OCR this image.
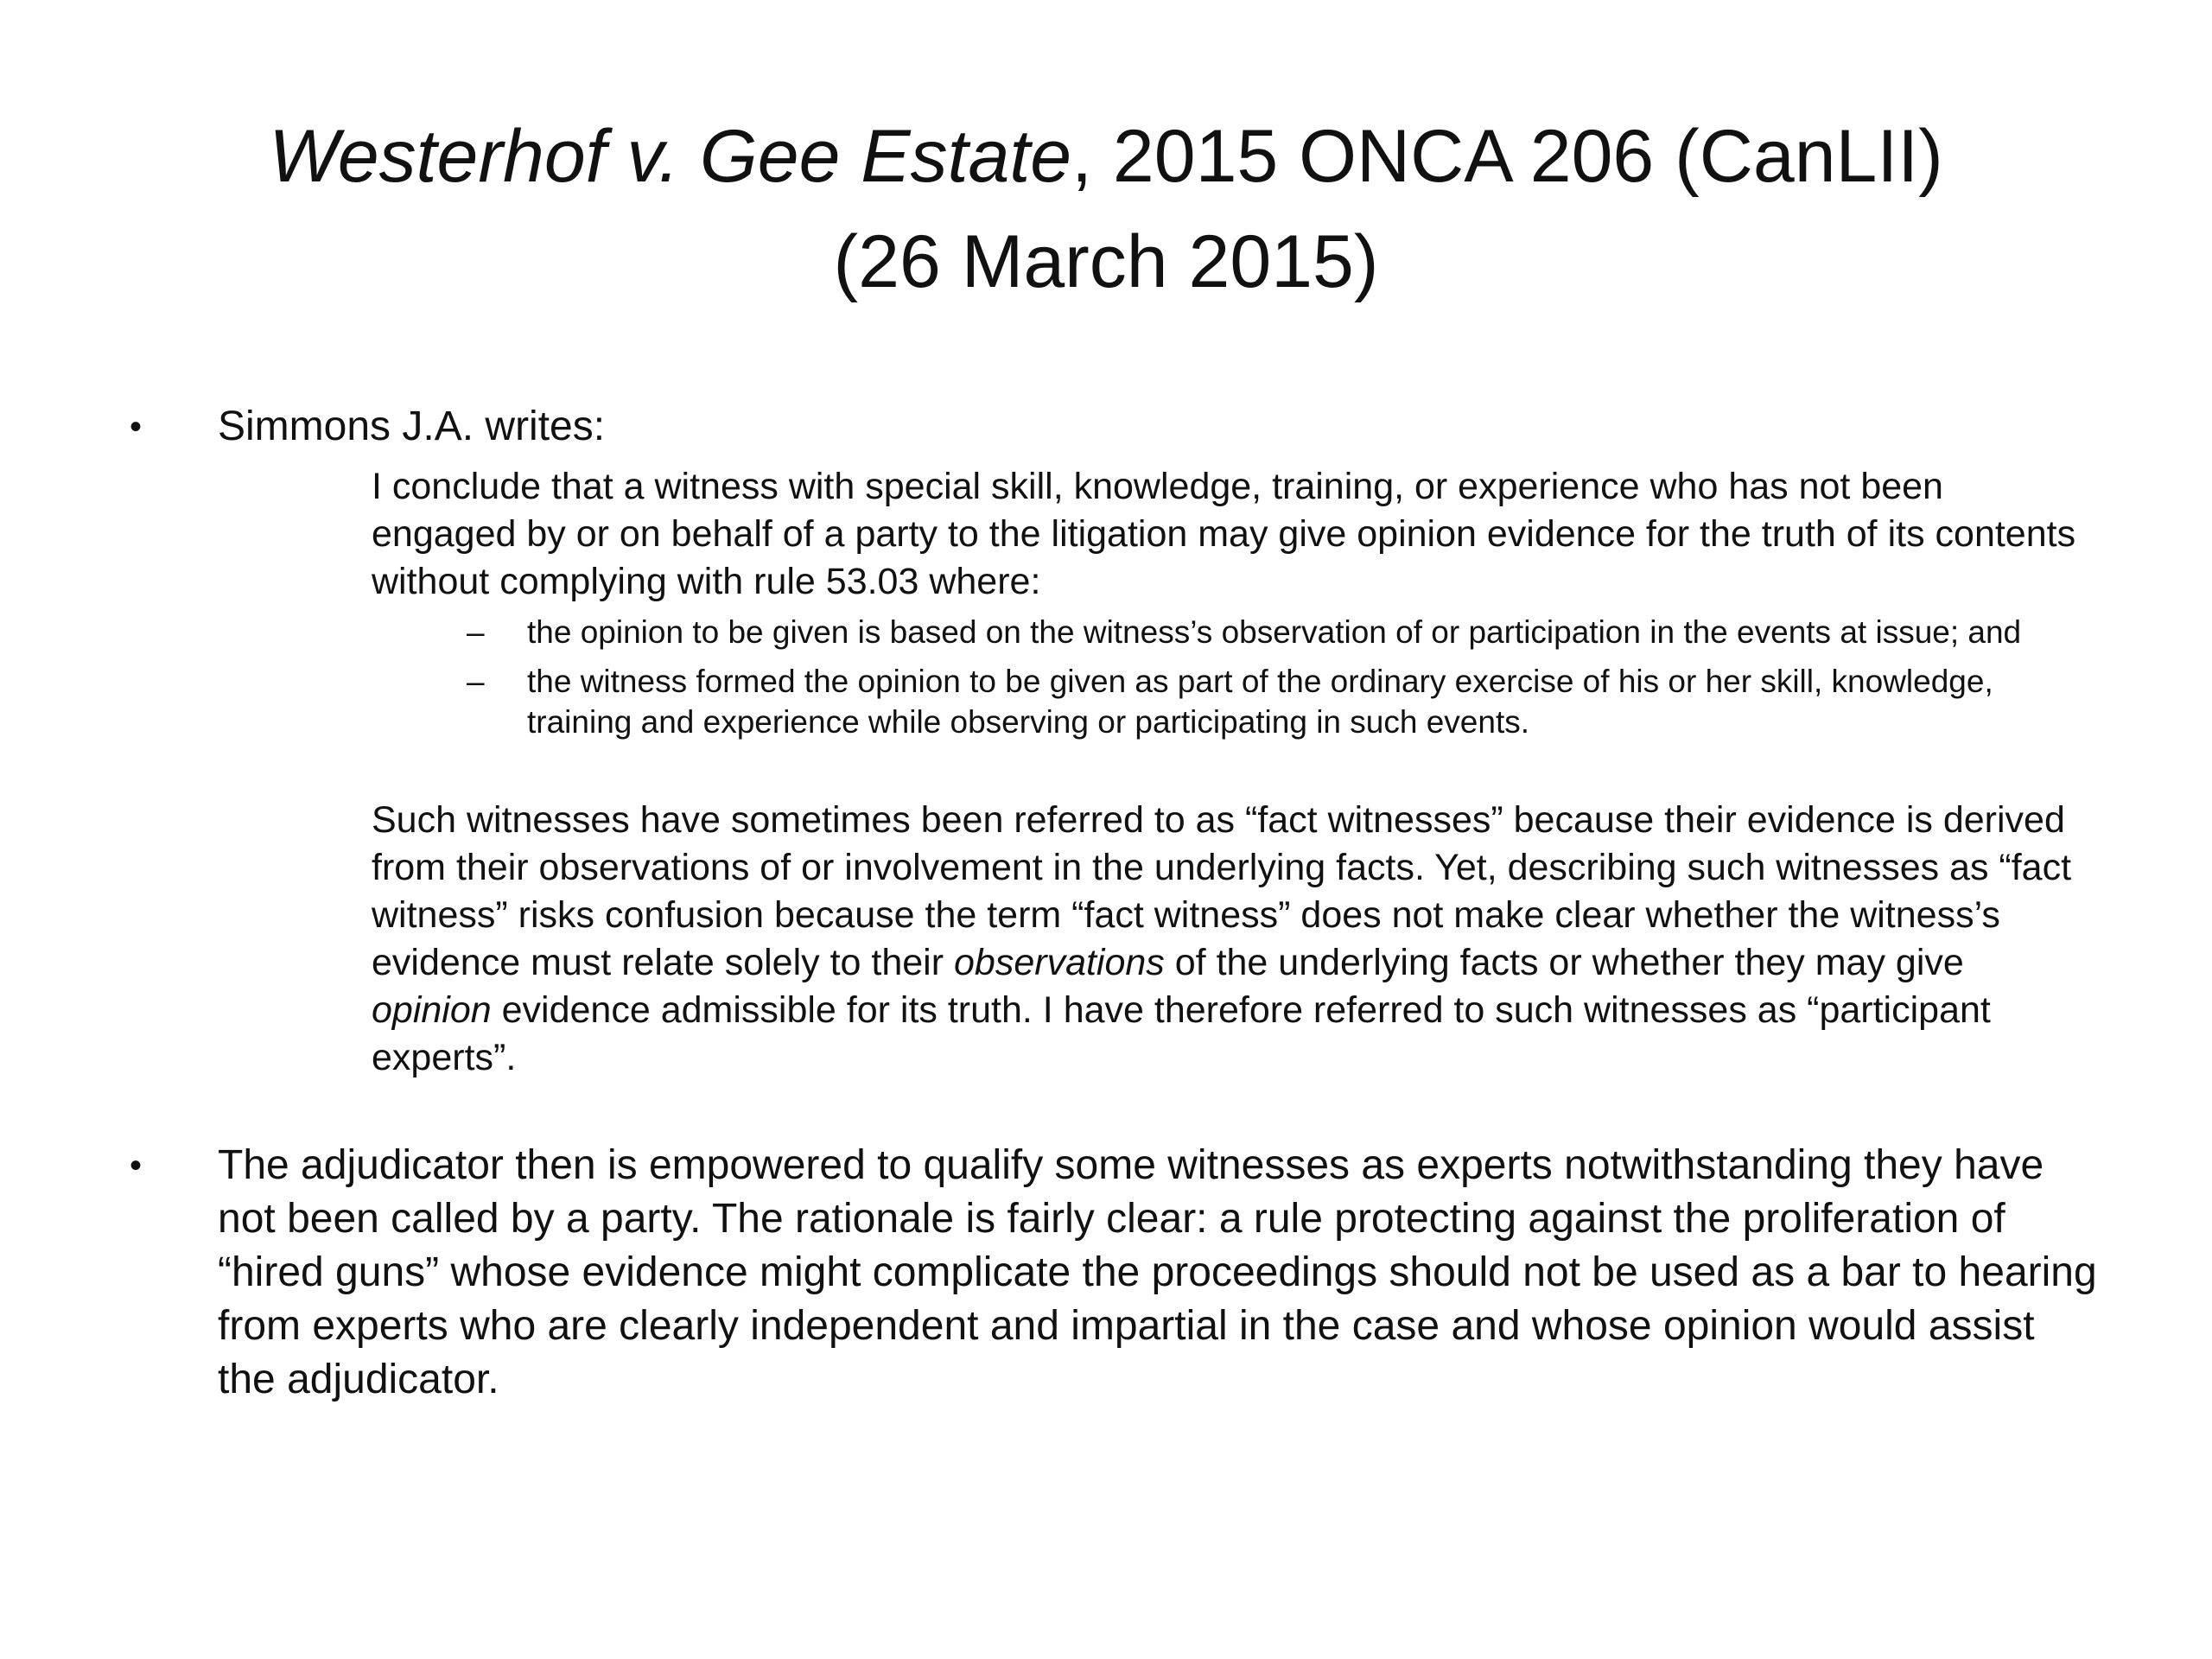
Westerhof v. Gee Estate, 2015 ONCA 206 (CanLII)
(26 March 2015)
•	Simmons J.A. writes:
I conclude that a witness with special skill, knowledge, training, or experience who has not been engaged by or on behalf of a party to the litigation may give opinion evidence for the truth of its contents without complying with rule 53.03 where:
– the opinion to be given is based on the witness’s observation of or participation in the events at issue; and
– the witness formed the opinion to be given as part of the ordinary exercise of his or her skill, knowledge, training and experience while observing or participating in such events.
Such witnesses have sometimes been referred to as “fact witnesses” because their evidence is derived from their observations of or involvement in the underlying facts. Yet, describing such witnesses as “fact witness” risks confusion because the term “fact witness” does not make clear whether the witness’s evidence must relate solely to their observations of the underlying facts or whether they may give opinion evidence admissible for its truth. I have therefore referred to such witnesses as “participant experts”.
•	The adjudicator then is empowered to qualify some witnesses as experts notwithstanding they have not been called by a party. The rationale is fairly clear: a rule protecting against the proliferation of “hired guns” whose evidence might complicate the proceedings should not be used as a bar to hearing from experts who are clearly independent and impartial in the case and whose opinion would assist the adjudicator.
